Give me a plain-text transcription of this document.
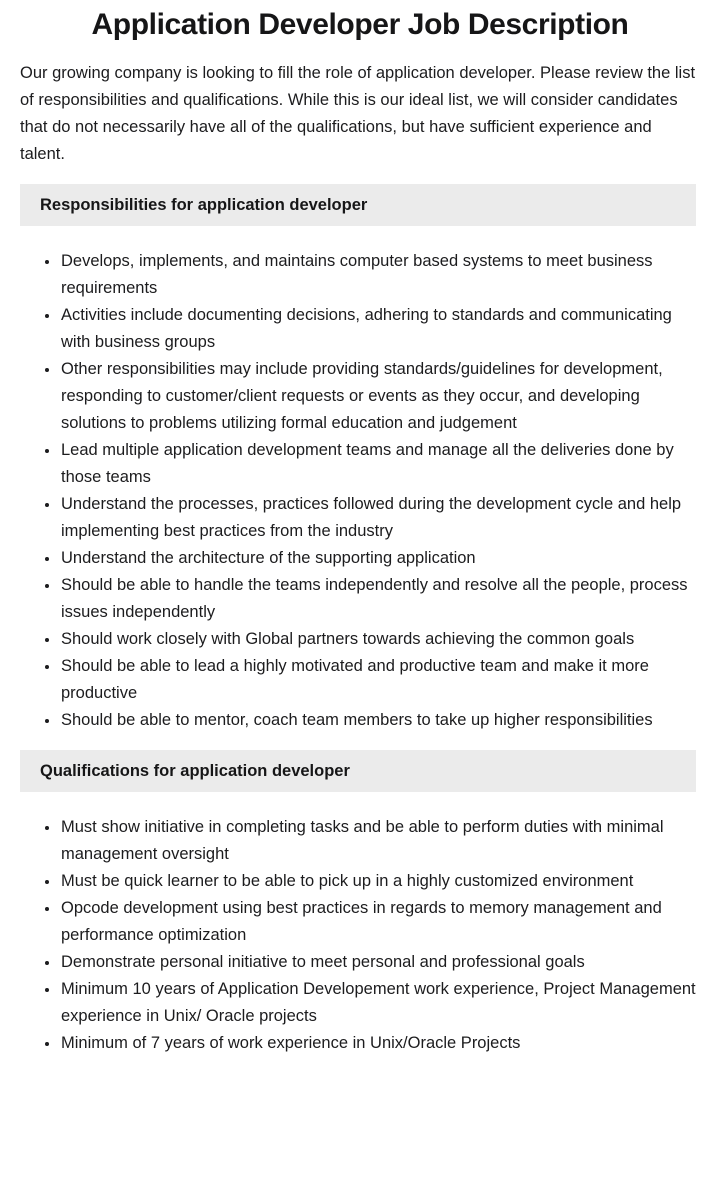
Application Developer Job Description

Our growing company is looking to fill the role of application developer. Please review the list of responsibilities and qualifications. While this is our ideal list, we will consider candidates that do not necessarily have all of the qualifications, but have sufficient experience and talent.

Responsibilities for application developer
• Develops, implements, and maintains computer based systems to meet business requirements
• Activities include documenting decisions, adhering to standards and communicating with business groups
• Other responsibilities may include providing standards/guidelines for development, responding to customer/client requests or events as they occur, and developing solutions to problems utilizing formal education and judgement
• Lead multiple application development teams and manage all the deliveries done by those teams
• Understand the processes, practices followed during the development cycle and help implementing best practices from the industry
• Understand the architecture of the supporting application
• Should be able to handle the teams independently and resolve all the people, process issues independently
• Should work closely with Global partners towards achieving the common goals
• Should be able to lead a highly motivated and productive team and make it more productive
• Should be able to mentor, coach team members to take up higher responsibilities
Qualifications for application developer
• Must show initiative in completing tasks and be able to perform duties with minimal management oversight
• Must be quick learner to be able to pick up in a highly customized environment
• Opcode development using best practices in regards to memory management and performance optimization
• Demonstrate personal initiative to meet personal and professional goals
• Minimum 10 years of Application Developement work experience, Project Management experience in Unix/ Oracle projects
• Minimum of 7 years of work experience in Unix/Oracle Projects
